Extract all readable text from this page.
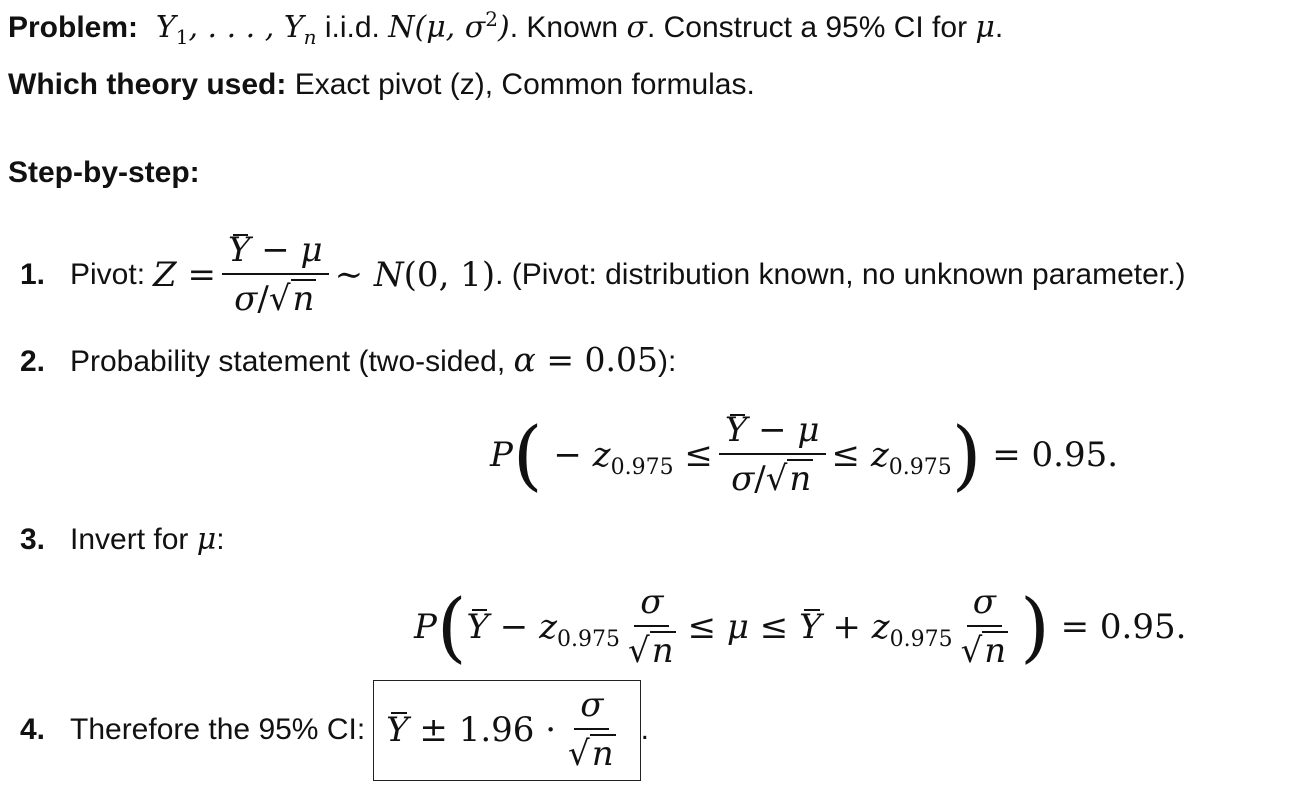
Problem:  $Y_1$, . . . , $Y_n$ i.i.d. N(μ, $\sigma^2$). Known σ. Construct a 95% CI for μ.
Which theory used: Exact pivot (z), Common formulas.
Step-by-step:
1. Pivot: $Z = \frac{Y - \mu}{\sigma/√n}$ ∼ N(0, 1) . (Pivot: distribution known, no unknown parameter.)
2. Probability statement (two-sided, α = 0.05):
P ( − $z_{0.975} \le \frac{Y - \mu}{\sigma/√n} \le z_{0.975}$ ) = 0.95.
3. Invert for μ:
P ( $Y - z_{0.975} \frac{\sigma}{√n} \le \mu \le Y + z_{0.975} \frac{\sigma}{√n}$ ) = 0.95.
4. Therefore the 95% CI: $Y \pm 1.96 \cdot \frac{\sigma}{√n}$ .
